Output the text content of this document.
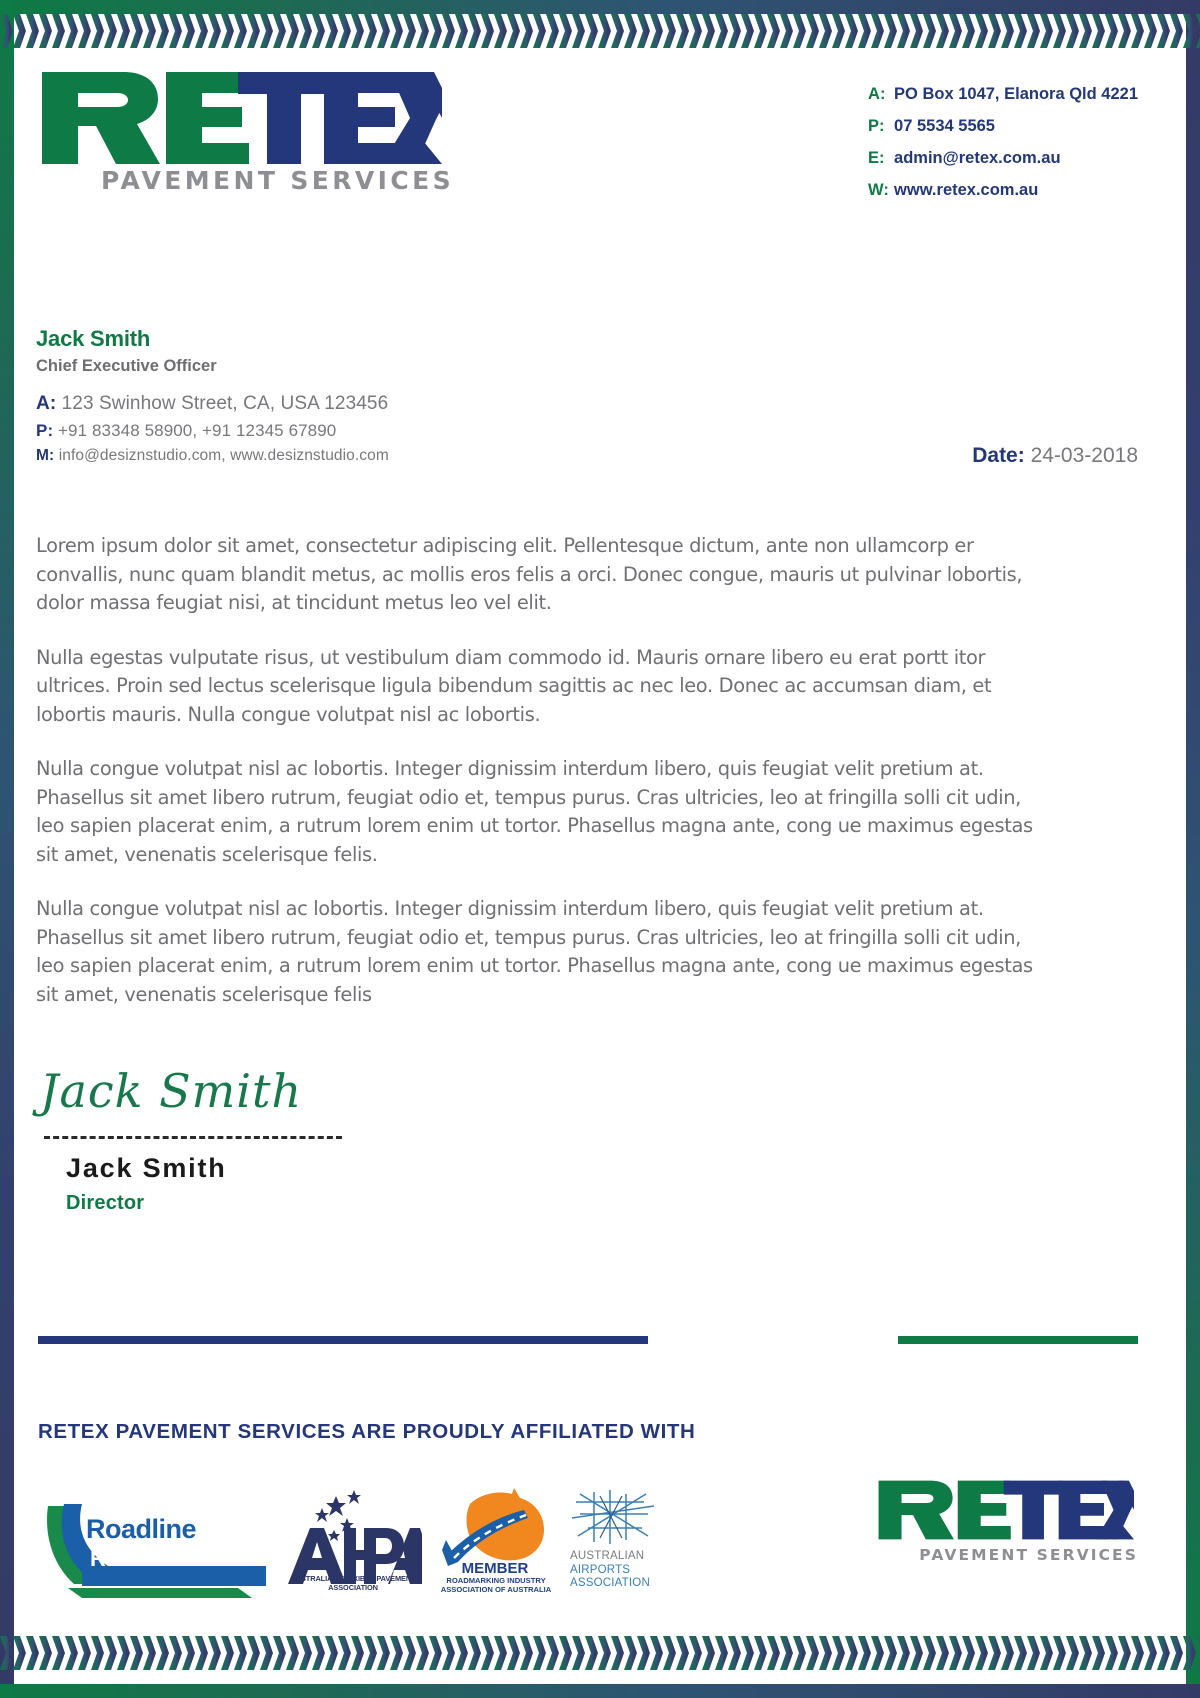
PAVEMENT SERVICES
A: PO Box 1047, Elanora Qld 4221
P: 07 5534 5565
E: admin@retex.com.au
W: www.retex.com.au
Jack Smith
Chief Executive Officer
A: 123 Swinhow Street, CA, USA 123456
P: +91 83348 58900, +91 12345 67890
M: info@desiznstudio.com, www.desiznstudio.com	Date: 24-03-2018

Lorem ipsum dolor sit amet, consectetur adipiscing elit. Pellentesque dictum, ante non ullamcorp er convallis, nunc quam blandit metus, ac mollis eros felis a orci. Donec congue, mauris ut pulvinar lobortis, dolor massa feugiat nisi, at tincidunt metus leo vel elit.

Nulla egestas vulputate risus, ut vestibulum diam commodo id. Mauris ornare libero eu erat portt itor ultrices. Proin sed lectus scelerisque ligula bibendum sagittis ac nec leo. Donec ac accumsan diam, et lobortis mauris. Nulla congue volutpat nisl ac lobortis.

Nulla congue volutpat nisl ac lobortis. Integer dignissim interdum libero, quis feugiat velit pretium at. Phasellus sit amet libero rutrum, feugiat odio et, tempus purus. Cras ultricies, leo at fringilla solli cit udin, leo sapien placerat enim, a rutrum lorem enim ut tortor. Phasellus magna ante, cong ue maximus egestas sit amet, venenatis scelerisque felis.

Nulla congue volutpat nisl ac lobortis. Integer dignissim interdum libero, quis feugiat velit pretium at. Phasellus sit amet libero rutrum, feugiat odio et, tempus purus. Cras ultricies, leo at fringilla solli cit udin, leo sapien placerat enim, a rutrum lorem enim ut tortor. Phasellus magna ante, cong ue maximus egestas sit amet, venenatis scelerisque felis

Jack Smith
Jack Smith
Director
RETEX PAVEMENT SERVICES ARE PROUDLY AFFILIATED WITH
Roadline
REMOVAL
AUSTRALIAN FLEXIBLE PAVEMENT ASSOCIATION
MEMBER
ROADMARKING INDUSTRY ASSOCIATION OF AUSTRALIA
AUSTRALIAN
AIRPORTS
ASSOCIATION
PAVEMENT SERVICES
